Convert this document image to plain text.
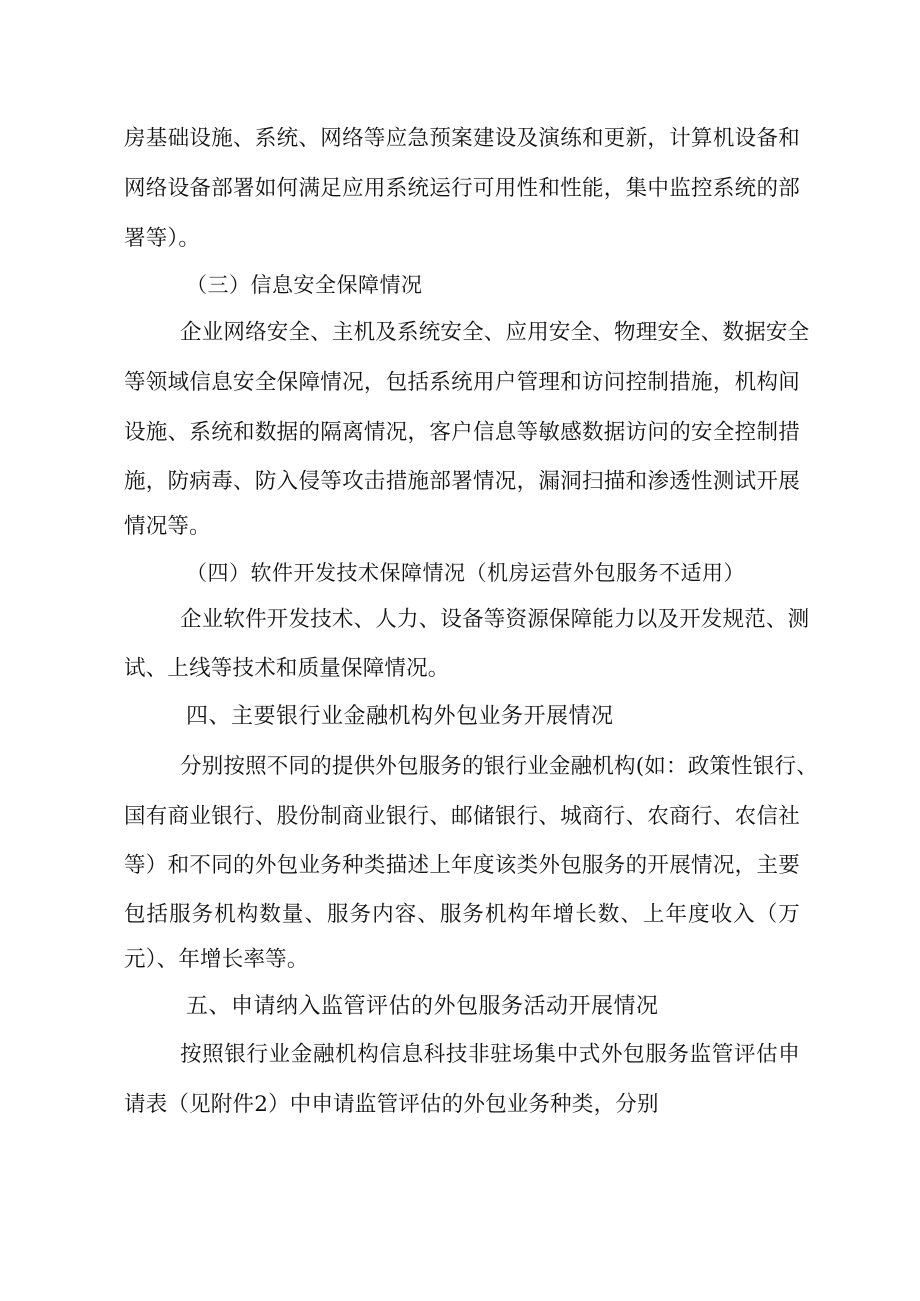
房基础设施、系统、网络等应急预案建设及演练和更新，计算机设备和
网络设备部署如何满足应用系统运行可用性和性能，集中监控系统的部
署等）。
（三）信息安全保障情况
企业网络安全、主机及系统安全、应用安全、物理安全、数据安全
等领域信息安全保障情况，包括系统用户管理和访问控制措施，机构间
设施、系统和数据的隔离情况，客户信息等敏感数据访问的安全控制措
施，防病毒、防入侵等攻击措施部署情况，漏洞扫描和渗透性测试开展
情况等。
（四）软件开发技术保障情况（机房运营外包服务不适用）
企业软件开发技术、人力、设备等资源保障能力以及开发规范、测
试、上线等技术和质量保障情况。
四、主要银行业金融机构外包业务开展情况
分别按照不同的提供外包服务的银行业金融机构(如：政策性银行、
国有商业银行、股份制商业银行、邮储银行、城商行、农商行、农信社
等）和不同的外包业务种类描述上年度该类外包服务的开展情况，主要
包括服务机构数量、服务内容、服务机构年增长数、上年度收入（万
元）、年增长率等。
五、申请纳入监管评估的外包服务活动开展情况
按照银行业金融机构信息科技非驻场集中式外包服务监管评估申
请表（见附件2）中申请监管评估的外包业务种类，分别
